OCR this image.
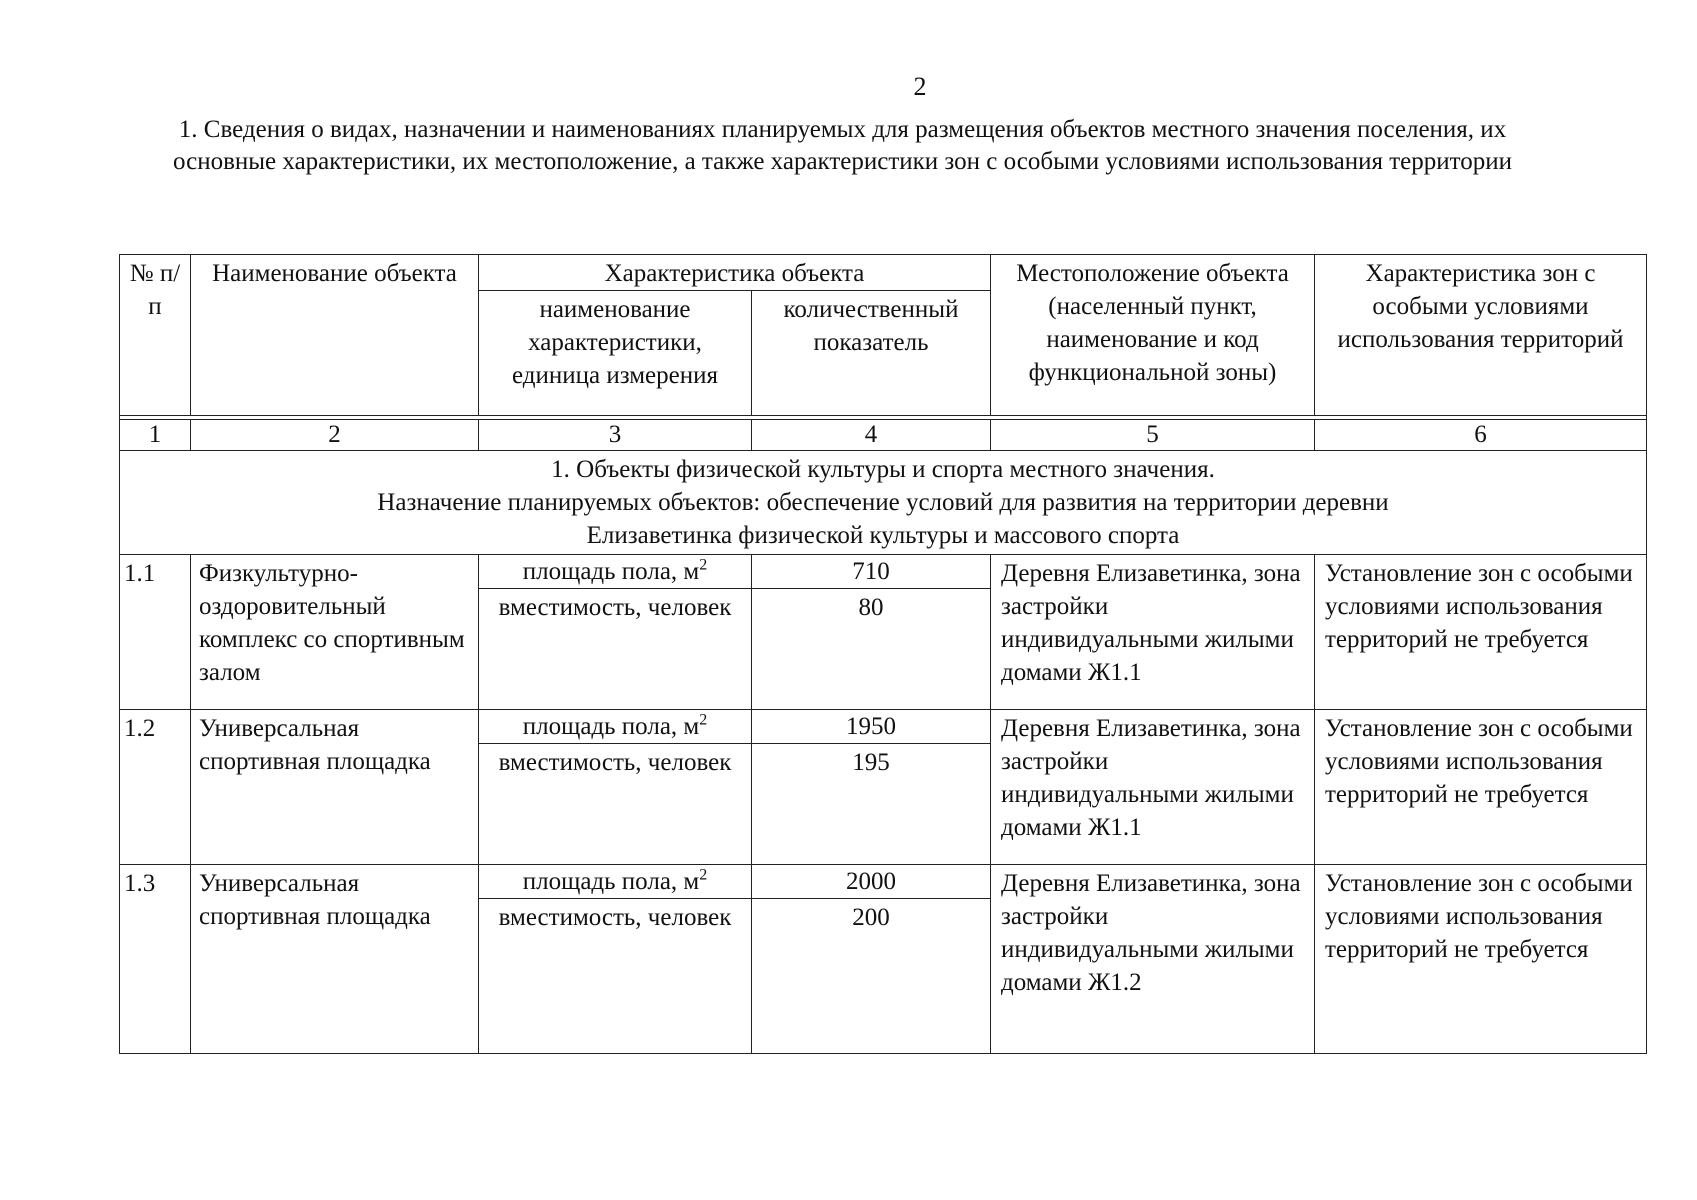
2
1. Сведения о видах, назначении и наименованиях планируемых для размещения объектов местного значения поселения, их основные характеристики, их местоположение, а также характеристики зон с особыми условиями использования территории
№ п/п	Наименование объекта	Характеристика объекта		Местоположение объекта (населенный пункт, наименование и код функциональной зоны)	Характеристика зон с особыми условиями использования территорий
		наименование характеристики, единица измерения	количественный показатель		

1	2	3	4	5	6

1. Объекты физической культуры и спорта местного значения.
Назначение планируемых объектов: обеспечение условий для развития на территории деревни Елизаветинка физической культуры и массового спорта					

1.1	Физкультурно-оздоровительный комплекс со спортивным залом	площадь пола, $м^2$	710	Деревня Елизаветинка, зона застройки индивидуальными жилыми домами Ж1.1	Установление зон с особыми условиями использования территорий не требуется
		вместимость, человек	80		
1.2	Универсальная спортивная площадка	площадь пола, $м^2$	1950	Деревня Елизаветинка, зона застройки индивидуальными жилыми домами Ж1.1	Установление зон с особыми условиями использования территорий не требуется
		вместимость, человек	195		
1.3	Универсальная спортивная площадка	площадь пола, $м^2$	2000	Деревня Елизаветинка, зона застройки индивидуальными жилыми домами Ж1.2	Установление зон с особыми условиями использования территорий не требуется
		вместимость, человек	200		
